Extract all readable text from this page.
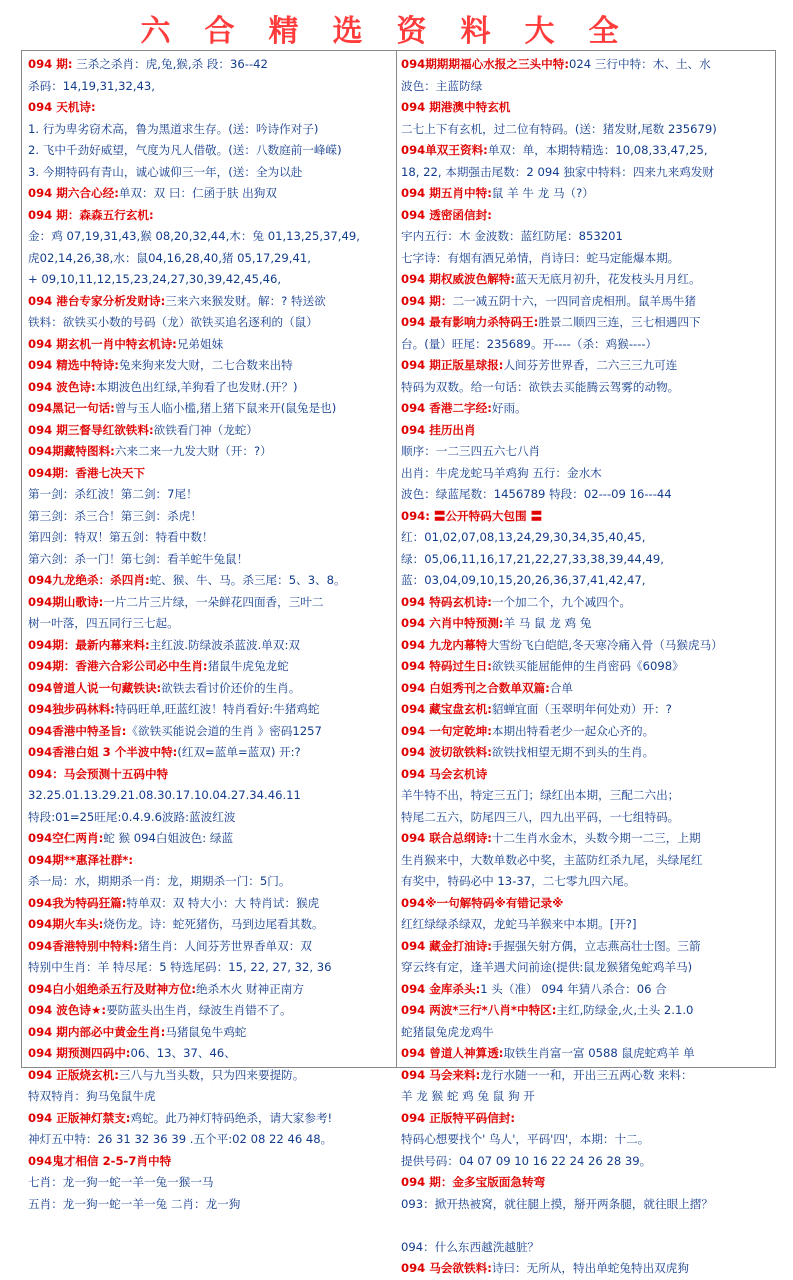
六合精选资料大全
094 期: 三杀之杀肖：虎,兔,猴,杀 段：36--42
杀码：14,19,31,32,43,
094 天机诗:
1. 行为卑劣窃术高，鲁为黑道求生存。(送：吟诗作对子)
2. 飞中千劲好威望，气度为凡人借敬。(送：八数庭前一峰嵘)
3. 今期特码有青山，诚心诚仰三一年，(送：全为以赴
094 期六合心经:单双：双 曰：仁函于肤 出狗双
094 期：森森五行玄机:
金：鸡 07,19,31,43,猴 08,20,32,44,木：兔 01,13,25,37,49,
虎02,14,26,38,水：鼠04,16,28,40,猪 05,17,29,41,
+ 09,10,11,12,15,23,24,27,30,39,42,45,46,
094 港台专家分析发财诗:三来六来猴发财。解：? 特送欲
铁料：欲铁买小数的号码（龙）欲铁买追名逐利的（鼠）
094 期玄机一肖中特玄机诗:兄弟姐妹
094 精选中特诗:兔来狗来发大财，二七合数来出特
094 波色诗:本期波色出红绿,羊狗看了也发财.(开？)
094黑记一句话:曾与玉人临小槛,猪上猪下鼠来开(鼠兔是也)
094 期三督导红欲铁料:欲铁看门神（龙蛇）
094期藏特图料:六来二来一九发大财（开：?）
094期：香港七决天下
第一剑：杀红波！第二剑：7尾！
第三剑：杀三合！第三剑：杀虎！
第四剑：特双！第五剑：特看中数！
第六剑：杀一门！第七剑：看羊蛇牛兔鼠！
094九龙绝杀：杀四肖:蛇、猴、牛、马。杀三尾：5、3、8。
094期山歌诗:一片二片三片绿，一朵鲜花四面香，三叶二
树一叶落，四五同行三七起。
094期：最新内幕来料:主红波.防绿波杀蓝波.单双:双
094期：香港六合彩公司必中生肖:猪鼠牛虎兔龙蛇
094曾道人说一句藏铁诀:欲铁去看讨价还价的生肖。
094独步码林料:特码旺单,旺蓝红波！特肖看好:牛猪鸡蛇
094香港中特圣旨:《欲铁买能说会道的生肖 》密码1257
094香港白姐 3 个半波中特:(红双=蓝单=蓝双) 开:?
094：马会预测十五码中特
32.25.01.13.29.21.08.30.17.10.04.27.34.46.11
特段:01=25旺尾:0.4.9.6波路:蓝波红波
094空仁两肖:蛇 猴 094白姐波色: 绿蓝
094期**惠泽社群*:
杀一局：水，期期杀一肖：龙，期期杀一门：5门。
094我为特码狂篇:特单双：双 特大小：大 特肖试：猴虎
094期火车头:烧伤龙。诗：蛇死猪伤，马到边尾看其数。
094香港特别中特料:猪生肖：人间芬芳世界香单双：双
特别中生肖：羊 特尽尾：5 特选尾码：15, 22, 27, 32, 36
094白小姐绝杀五行及财神方位:绝杀木火 财神正南方
094 波色诗★:要防蓝头出生肖，绿波生肖错不了。
094 期内部必中黄金生肖:马猪鼠兔牛鸡蛇
094 期预测四码中:06、13、37、46、
094 正版烧玄机:三八与九当头数，只为四来要提防。
特双特肖：狗马兔鼠牛虎
094 正版神灯禁支:鸡蛇。此乃神灯特码绝杀，请大家参考!
神灯五中特：26 31 32 36 39 .五个平:02 08 22 46 48。
094鬼才相信 2-5-7肖中特
七肖：龙一狗一蛇一羊一兔一猴一马
五肖：龙一狗一蛇一羊一兔 二肖：龙一狗
094期期期福心水报之三头中特:024 三行中特：木、土、水
波色：主蓝防绿
094 期港澳中特玄机
二七上下有玄机，过二位有特码。(送：猪发财,尾数 235679)
094单双王资料:单双：单，本期特精选：10,08,33,47,25,
18, 22, 本期强击尾数：2 094 独家中特料：四来九来鸡发财
094 期五肖中特:鼠 羊 牛 龙 马（?）
094 透密函信封:
宇内五行：木 金波数：蓝红防尾：853201
七字诗：有烟有酒兄弟情，肖诗曰：蛇马定能爆本期。
094 期权威波色解特:蓝天无底月初升，花发枝头月月红。
094 期：二一减五阴十六，一四同音虎相刑。鼠羊馬牛猪
094 最有影响力杀特码王:胜景二顺四三连，三七相遇四下
台。(量）旺尾：235689。开----（杀：鸡猴----）
094 期正版星球报:人间芬芳世界香，二六三三九可连
特码为双数。给一句话：欲铁去买能腾云驾雾的动物。
094 香港二字经:好雨。
094 挂历出肖
顺序：一二三四五六七八肖
出肖：牛虎龙蛇马羊鸡狗 五行：金水木
波色：绿蓝尾数：1456789 特段：02---09 16---44
094: 〓公开特码大包围 〓
红：01,02,07,08,13,24,29,30,34,35,40,45,
绿：05,06,11,16,17,21,22,27,33,38,39,44,49,
蓝：03,04,09,10,15,20,26,36,37,41,42,47,
094 特码玄机诗:一个加二个，九个减四个。
094 六肖中特预测:羊 马 鼠 龙 鸡 兔
094 九龙内幕特大雪纷飞白皑皑,冬天寒冷痛入骨（马猴虎马）
094 特码过生日:欲铁买能屈能伸的生肖密码《6098》
094 白姐秀刊之合数单双篇:合单
094 藏宝盘玄机:貂蝉宜面（玉翠明年何处劝）开：?
094 一句定乾坤:本期出特看老少一起众心齐的。
094 波切欲铁料:欲铁找相望无期不到头的生肖。
094 马会玄机诗
羊牛特不出，特定三五门；绿红出本期，三配二六出；
特尾二五六，防尾四三八，四九出平码，一七组特码。
094 联合总纲诗:十二生肖水金木，头数今期一二三，上期
生肖猴来中，大数单数必中奖，主蓝防红杀九尾，头绿尾红
有奖中，特码必中 13-37，二七零九四六尾。
094※一句解特码※有错记录※
红红绿绿杀绿双，龙蛇马羊猴来中本期。[开?]
094 藏金打油诗:手握强矢射方偶，立志燕高壮士图。三箭
穿云终有定，逢羊遇犬问前途(提供:鼠龙猴猪兔蛇鸡羊马)
094 金库杀头:1 头（准） 094 年猜八杀合：06 合
094 两波*三行*八肖*中特区:主红,防绿金,火,土头 2.1.0
蛇猪鼠兔虎龙鸡牛
094 曾道人神算透:取铁生肖富一富 0588 鼠虎蛇鸡羊 单
094 马会来料:龙行水随一一和，开出三五两心数 来料：
羊 龙 猴 蛇 鸡 兔 鼠 狗 开
094 正版特平码信封:
特码心想要找个' 鸟人'，平码'四'，本期：十二。
提供号码：04 07 09 10 16 22 24 26 28 39。
094 期：金多宝版面急转弯
093：掀开热被窝，就往腿上摸，掰开两条腿，就往眼上摺？
094：什么东西越洗越脏？
094 马会欲铁料:诗曰：无所从，特出单蛇兔特出双虎狗
